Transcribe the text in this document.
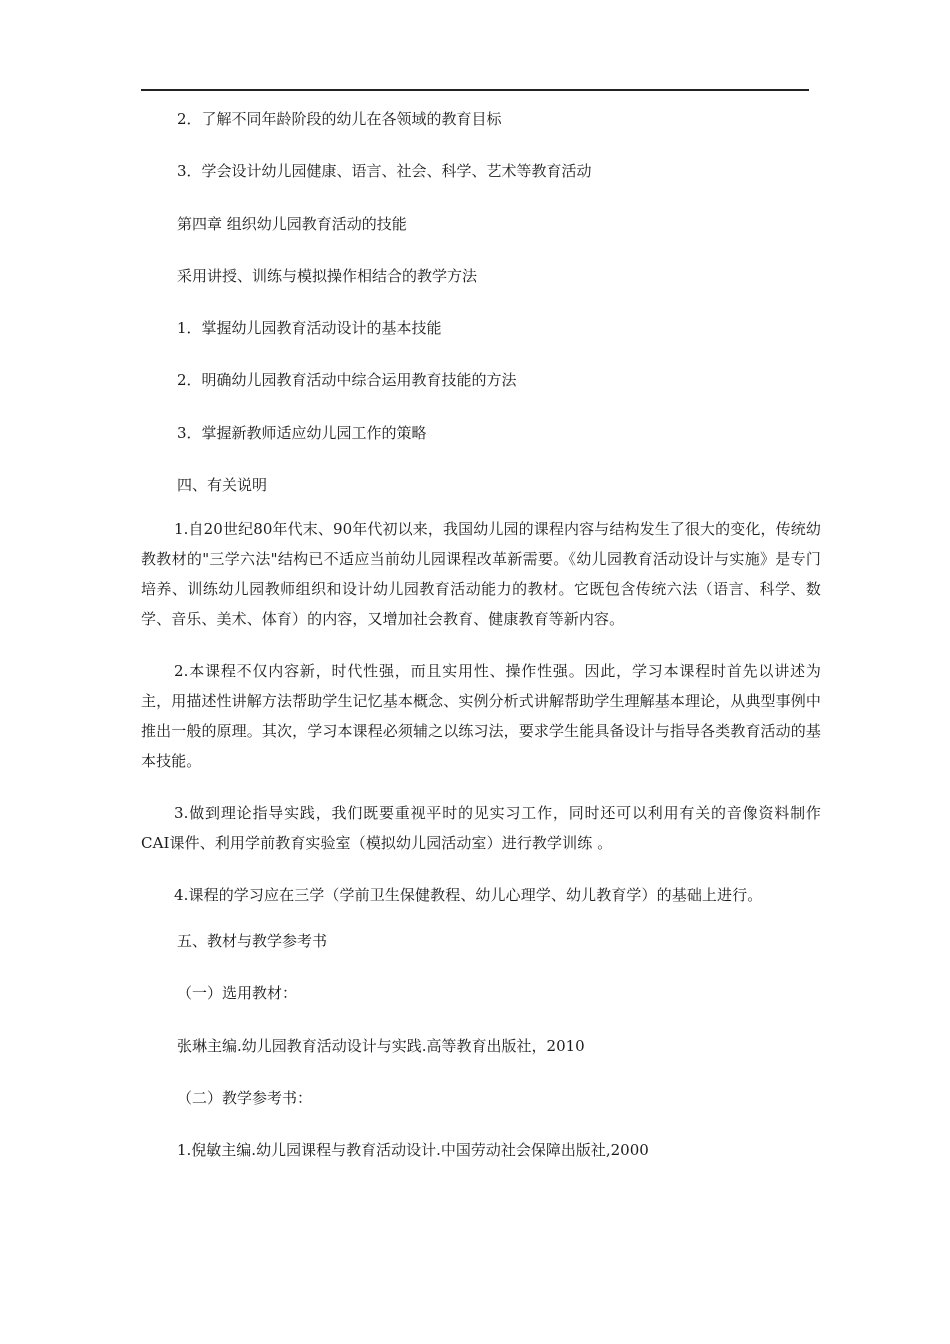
2．了解不同年龄阶段的幼儿在各领域的教育目标

3．学会设计幼儿园健康、语言、社会、科学、艺术等教育活动

第四章 组织幼儿园教育活动的技能

采用讲授、训练与模拟操作相结合的教学方法

1．掌握幼儿园教育活动设计的基本技能

2．明确幼儿园教育活动中综合运用教育技能的方法

3．掌握新教师适应幼儿园工作的策略

四、有关说明

1.自20世纪80年代末、90年代初以来，我国幼儿园的课程内容与结构发生了很大的变化，传统幼教教材的"三学六法"结构已不适应当前幼儿园课程改革新需要。《幼儿园教育活动设计与实施》是专门培养、训练幼儿园教师组织和设计幼儿园教育活动能力的教材。它既包含传统六法（语言、科学、数学、音乐、美术、体育）的内容，又增加社会教育、健康教育等新内容。

2.本课程不仅内容新，时代性强，而且实用性、操作性强。因此，学习本课程时首先以讲述为主，用描述性讲解方法帮助学生记忆基本概念、实例分析式讲解帮助学生理解基本理论，从典型事例中推出一般的原理。其次，学习本课程必须辅之以练习法，要求学生能具备设计与指导各类教育活动的基本技能。

3.做到理论指导实践，我们既要重视平时的见实习工作，同时还可以利用有关的音像资料制作CAI课件、利用学前教育实验室（模拟幼儿园活动室）进行教学训练 。

4.课程的学习应在三学（学前卫生保健教程、幼儿心理学、幼儿教育学）的基础上进行。

五、教材与教学参考书

（一）选用教材：

张琳主编.幼儿园教育活动设计与实践.高等教育出版社，2010

（二）教学参考书：

1.倪敏主编.幼儿园课程与教育活动设计.中国劳动社会保障出版社,2000
